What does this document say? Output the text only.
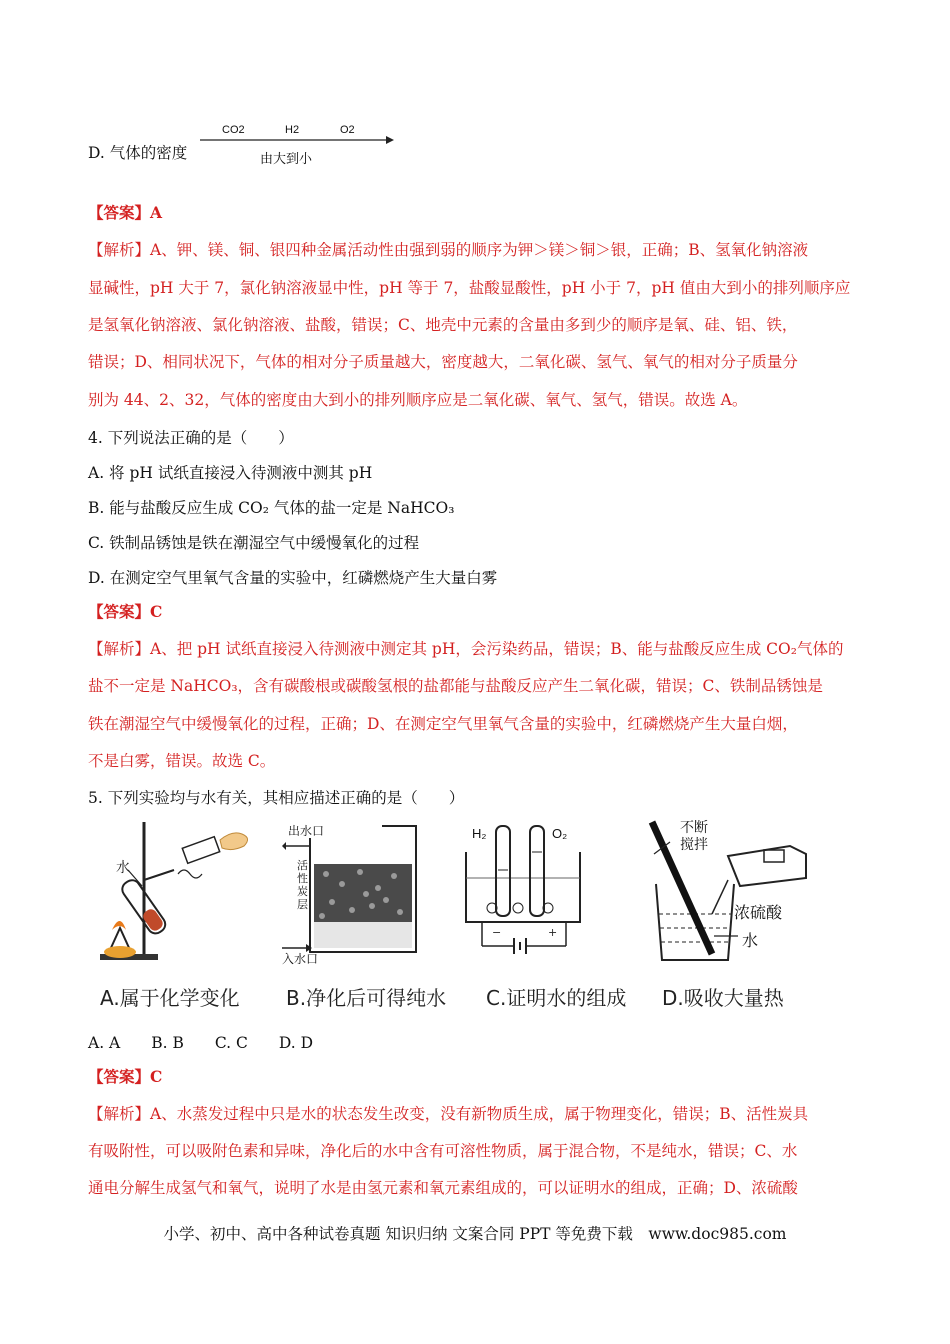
D. 气体的密度
CO2	H2	O2
由大到小
【答案】A
【解析】A、钾、镁、铜、银四种金属活动性由强到弱的顺序为钾＞镁＞铜＞银，正确；B、氢氧化钠溶液
显碱性，pH 大于 7，氯化钠溶液显中性，pH 等于 7，盐酸显酸性，pH 小于 7，pH 值由大到小的排列顺序应
是氢氧化钠溶液、氯化钠溶液、盐酸，错误；C、地壳中元素的含量由多到少的顺序是氧、硅、铝、铁，
错误；D、相同状况下，气体的相对分子质量越大，密度越大，二氧化碳、氢气、氧气的相对分子质量分
别为 44、2、32，气体的密度由大到小的排列顺序应是二氧化碳、氧气、氢气，错误。故选 A。
4. 下列说法正确的是（　　）
A. 将 pH 试纸直接浸入待测液中测其 pH
B. 能与盐酸反应生成 CO₂ 气体的盐一定是 NaHCO₃
C. 铁制品锈蚀是铁在潮湿空气中缓慢氧化的过程
D. 在测定空气里氧气含量的实验中，红磷燃烧产生大量白雾
【答案】C
【解析】A、把 pH 试纸直接浸入待测液中测定其 pH，会污染药品，错误；B、能与盐酸反应生成 CO₂气体的
盐不一定是 NaHCO₃，含有碳酸根或碳酸氢根的盐都能与盐酸反应产生二氧化碳，错误；C、铁制品锈蚀是
铁在潮湿空气中缓慢氧化的过程，正确；D、在测定空气里氧气含量的实验中，红磷燃烧产生大量白烟，
不是白雾，错误。故选 C。
5. 下列实验均与水有关，其相应描述正确的是（　　）
水
出水口
活性炭层
入水口
−	+
H₂	O₂	不断搅拌
浓硫酸
水
A.属于化学变化 B.净化后可得纯水 C.证明水的组成 D.吸收大量热
A. A　　B. B　　C. C　　D. D
【答案】C
【解析】A、水蒸发过程中只是水的状态发生改变，没有新物质生成，属于物理变化，错误；B、活性炭具
有吸附性，可以吸附色素和异味，净化后的水中含有可溶性物质，属于混合物，不是纯水，错误；C、水
通电分解生成氢气和氧气，说明了水是由氢元素和氧元素组成的，可以证明水的组成，正确；D、浓硫酸
小学、初中、高中各种试卷真题 知识归纳 文案合同 PPT 等免费下载　www.doc985.com
